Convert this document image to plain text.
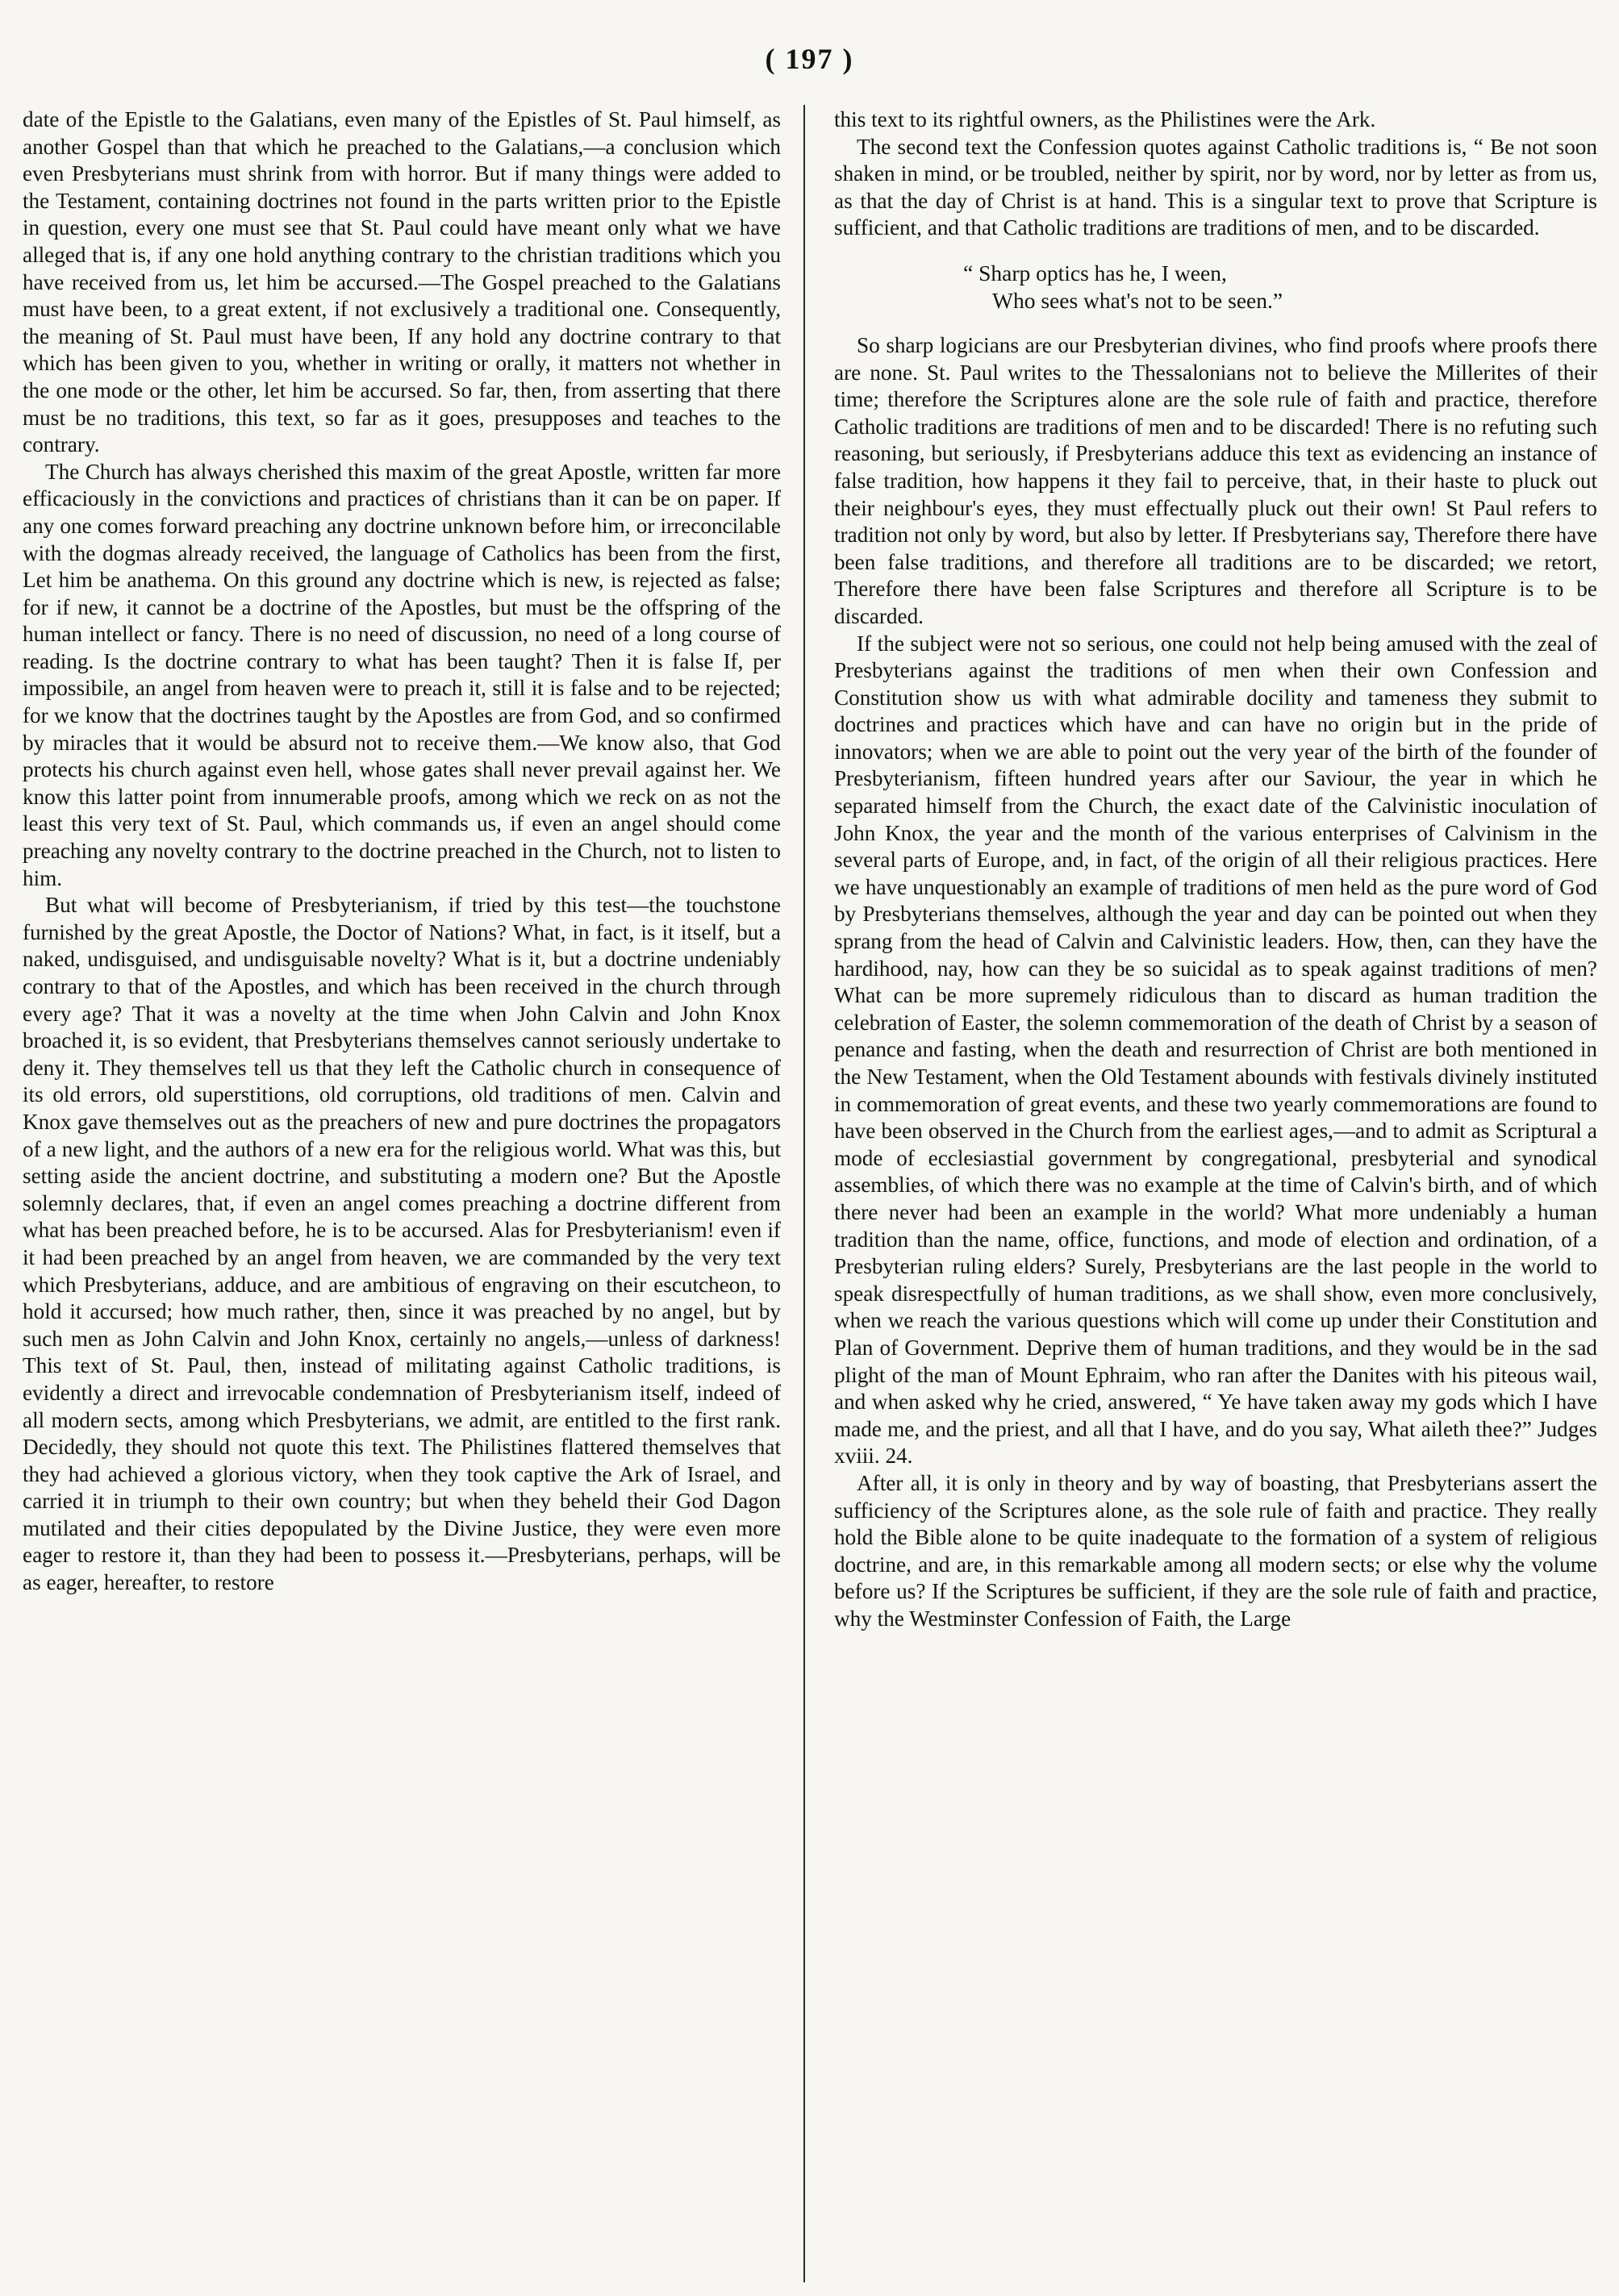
( 197 )

date of the Epistle to the Galatians, even many of the Epistles of St. Paul himself, as another Gospel than that which he preached to the Galatians,—a conclusion which even Presbyterians must shrink from with horror. But if many things were added to the Testament, containing doctrines not found in the parts written prior to the Epistle in question, every one must see that St. Paul could have meant only what we have alleged that is, if any one hold anything contrary to the christian traditions which you have received from us, let him be accursed.—The Gospel preached to the Galatians must have been, to a great extent, if not exclusively a traditional one. Consequently, the meaning of St. Paul must have been, If any hold any doctrine contrary to that which has been given to you, whether in writing or orally, it matters not whether in the one mode or the other, let him be accursed. So far, then, from asserting that there must be no traditions, this text, so far as it goes, presupposes and teaches to the contrary.

The Church has always cherished this maxim of the great Apostle, written far more efficaciously in the convictions and practices of christians than it can be on paper. If any one comes forward preaching any doctrine unknown before him, or irreconcilable with the dogmas already received, the language of Catholics has been from the first, Let him be anathema. On this ground any doctrine which is new, is rejected as false; for if new, it cannot be a doctrine of the Apostles, but must be the offspring of the human intellect or fancy. There is no need of discussion, no need of a long course of reading. Is the doctrine contrary to what has been taught? Then it is false If, per impossibile, an angel from heaven were to preach it, still it is false and to be rejected; for we know that the doctrines taught by the Apostles are from God, and so confirmed by miracles that it would be absurd not to receive them.—We know also, that God protects his church against even hell, whose gates shall never prevail against her. We know this latter point from innumerable proofs, among which we reck on as not the least this very text of St. Paul, which commands us, if even an angel should come preaching any novelty contrary to the doctrine preached in the Church, not to listen to him.

But what will become of Presbyterianism, if tried by this test—the touchstone furnished by the great Apostle, the Doctor of Nations? What, in fact, is it itself, but a naked, undisguised, and undisguisable novelty? What is it, but a doctrine undeniably contrary to that of the Apostles, and which has been received in the church through every age? That it was a novelty at the time when John Calvin and John Knox broached it, is so evident, that Presbyterians themselves cannot seriously undertake to deny it. They themselves tell us that they left the Catholic church in consequence of its old errors, old superstitions, old corruptions, old traditions of men. Calvin and Knox gave themselves out as the preachers of new and pure doctrines the propagators of a new light, and the authors of a new era for the religious world. What was this, but setting aside the ancient doctrine, and substituting a modern one? But the Apostle solemnly declares, that, if even an angel comes preaching a doctrine different from what has been preached before, he is to be accursed. Alas for Presbyterianism! even if it had been preached by an angel from heaven, we are commanded by the very text which Presbyterians, adduce, and are ambitious of engraving on their escutcheon, to hold it accursed; how much rather, then, since it was preached by no angel, but by such men as John Calvin and John Knox, certainly no angels,—unless of darkness! This text of St. Paul, then, instead of militating against Catholic traditions, is evidently a direct and irrevocable condemnation of Presbyterianism itself, indeed of all modern sects, among which Presbyterians, we admit, are entitled to the first rank. Decidedly, they should not quote this text. The Philistines flattered themselves that they had achieved a glorious victory, when they took captive the Ark of Israel, and carried it in triumph to their own country; but when they beheld their God Dagon mutilated and their cities depopulated by the Divine Justice, they were even more eager to restore it, than they had been to possess it.—Presbyterians, perhaps, will be as eager, hereafter, to restore

this text to its rightful owners, as the Philistines were the Ark.

The second text the Confession quotes against Catholic traditions is, “ Be not soon shaken in mind, or be troubled, neither by spirit, nor by word, nor by letter as from us, as that the day of Christ is at hand. This is a singular text to prove that Scripture is sufficient, and that Catholic traditions are traditions of men, and to be discarded.

“ Sharp optics has he, I ween,
Who sees what's not to be seen.”

So sharp logicians are our Presbyterian divines, who find proofs where proofs there are none. St. Paul writes to the Thessalonians not to believe the Millerites of their time; therefore the Scriptures alone are the sole rule of faith and practice, therefore Catholic traditions are traditions of men and to be discarded! There is no refuting such reasoning, but seriously, if Presbyterians adduce this text as evidencing an instance of false tradition, how happens it they fail to perceive, that, in their haste to pluck out their neighbour's eyes, they must effectually pluck out their own! St Paul refers to tradition not only by word, but also by letter. If Presbyterians say, Therefore there have been false traditions, and therefore all traditions are to be discarded; we retort, Therefore there have been false Scriptures and therefore all Scripture is to be discarded.

If the subject were not so serious, one could not help being amused with the zeal of Presbyterians against the traditions of men when their own Confession and Constitution show us with what admirable docility and tameness they submit to doctrines and practices which have and can have no origin but in the pride of innovators; when we are able to point out the very year of the birth of the founder of Presbyterianism, fifteen hundred years after our Saviour, the year in which he separated himself from the Church, the exact date of the Calvinistic inoculation of John Knox, the year and the month of the various enterprises of Calvinism in the several parts of Europe, and, in fact, of the origin of all their religious practices. Here we have unquestionably an example of traditions of men held as the pure word of God by Presbyterians themselves, although the year and day can be pointed out when they sprang from the head of Calvin and Calvinistic leaders. How, then, can they have the hardihood, nay, how can they be so suicidal as to speak against traditions of men? What can be more supremely ridiculous than to discard as human tradition the celebration of Easter, the solemn commemoration of the death of Christ by a season of penance and fasting, when the death and resurrection of Christ are both mentioned in the New Testament, when the Old Testament abounds with festivals divinely instituted in commemoration of great events, and these two yearly commemorations are found to have been observed in the Church from the earliest ages,—and to admit as Scriptural a mode of ecclesiastial government by congregational, presbyterial and synodical assemblies, of which there was no example at the time of Calvin's birth, and of which there never had been an example in the world? What more undeniably a human tradition than the name, office, functions, and mode of election and ordination, of a Presbyterian ruling elders? Surely, Presbyterians are the last people in the world to speak disrespectfully of human traditions, as we shall show, even more conclusively, when we reach the various questions which will come up under their Constitution and Plan of Government. Deprive them of human traditions, and they would be in the sad plight of the man of Mount Ephraim, who ran after the Danites with his piteous wail, and when asked why he cried, answered, “ Ye have taken away my gods which I have made me, and the priest, and all that I have, and do you say, What aileth thee?” Judges xviii. 24.

After all, it is only in theory and by way of boasting, that Presbyterians assert the sufficiency of the Scriptures alone, as the sole rule of faith and practice. They really hold the Bible alone to be quite inadequate to the formation of a system of religious doctrine, and are, in this remarkable among all modern sects; or else why the volume before us? If the Scriptures be sufficient, if they are the sole rule of faith and practice, why the Westminster Confession of Faith, the Large
